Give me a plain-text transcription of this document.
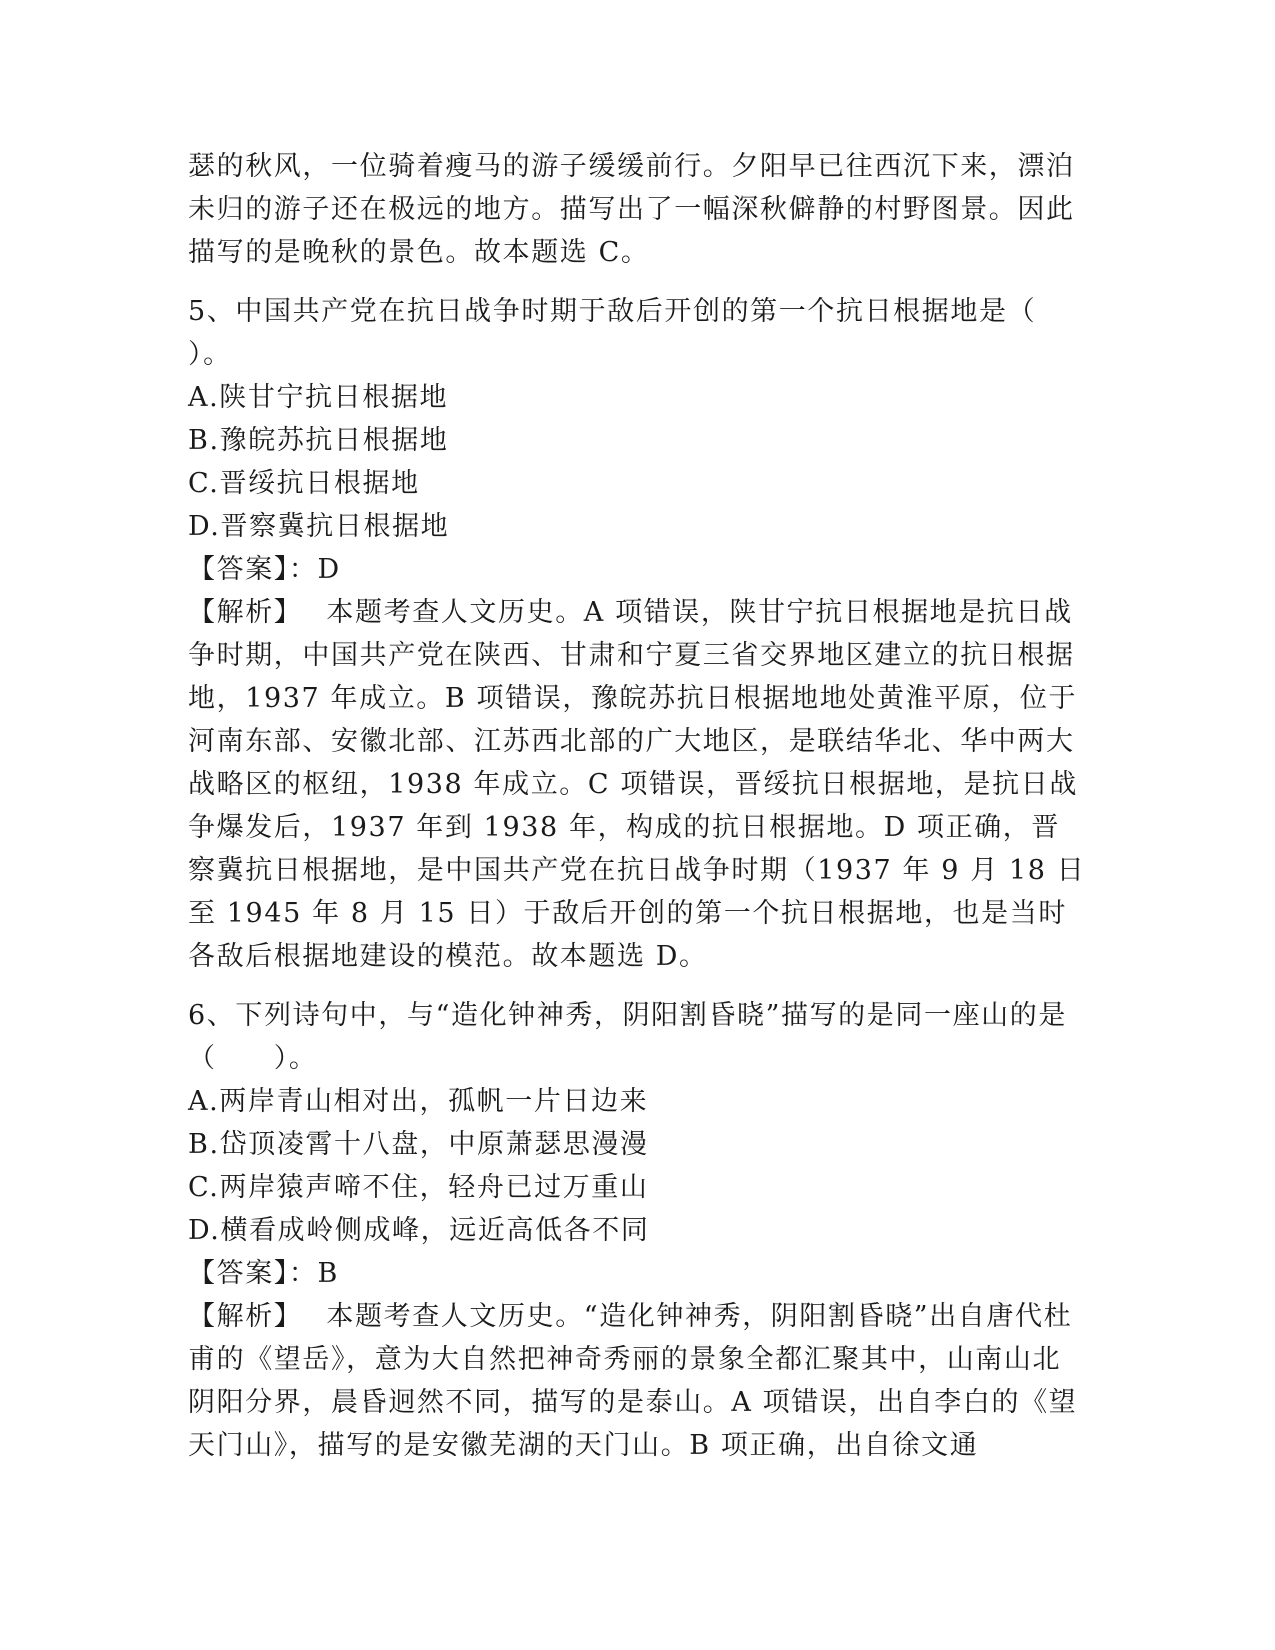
瑟的秋风，一位骑着瘦马的游子缓缓前行。夕阳早已往西沉下来，漂泊未归的游子还在极远的地方。描写出了一幅深秋僻静的村野图景。因此描写的是晚秋的景色。故本题选 C。

5、中国共产党在抗日战争时期于敌后开创的第一个抗日根据地是（ ）。

A.陕甘宁抗日根据地

B.豫皖苏抗日根据地

C.晋绥抗日根据地

D.晋察冀抗日根据地

【答案】：D

【解析】 本题考查人文历史。A 项错误，陕甘宁抗日根据地是抗日战争时期，中国共产党在陕西、甘肃和宁夏三省交界地区建立的抗日根据地，1937 年成立。B 项错误，豫皖苏抗日根据地地处黄淮平原，位于河南东部、安徽北部、江苏西北部的广大地区，是联结华北、华中两大战略区的枢纽，1938 年成立。C 项错误，晋绥抗日根据地，是抗日战争爆发后，1937 年到 1938 年，构成的抗日根据地。D 项正确，晋察冀抗日根据地，是中国共产党在抗日战争时期（1937 年 9 月 18 日至 1945 年 8 月 15 日）于敌后开创的第一个抗日根据地，也是当时各敌后根据地建设的模范。故本题选 D。

6、下列诗句中，与“造化钟神秀，阴阳割昏晓”描写的是同一座山的是（　　）。

A.两岸青山相对出，孤帆一片日边来

B.岱顶凌霄十八盘，中原萧瑟思漫漫

C.两岸猿声啼不住，轻舟已过万重山

D.横看成岭侧成峰，远近高低各不同

【答案】：B

【解析】 本题考查人文历史。“造化钟神秀，阴阳割昏晓”出自唐代杜甫的《望岳》，意为大自然把神奇秀丽的景象全都汇聚其中，山南山北阴阳分界，晨昏迥然不同，描写的是泰山。A 项错误，出自李白的《望天门山》，描写的是安徽芜湖的天门山。B 项正确，出自徐文通
